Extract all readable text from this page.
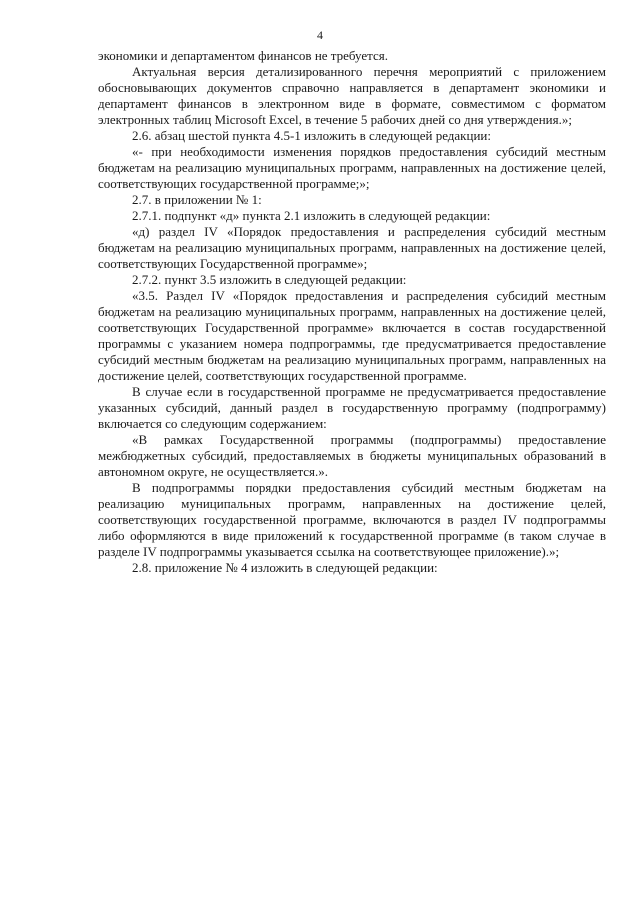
4

экономики и департаментом финансов не требуется.

Актуальная версия детализированного перечня мероприятий с приложением обосновывающих документов справочно направляется в департамент экономики и департамент финансов в электронном виде в формате, совместимом с форматом электронных таблиц Microsoft Excel, в течение 5 рабочих дней со дня утверждения.»;

2.6. абзац шестой пункта 4.5-1 изложить в следующей редакции:

«- при необходимости изменения порядков предоставления субсидий местным бюджетам на реализацию муниципальных программ, направленных на достижение целей, соответствующих государственной программе;»;

2.7. в приложении № 1:

2.7.1. подпункт «д» пункта 2.1 изложить в следующей редакции:

«д) раздел IV «Порядок предоставления и распределения субсидий местным бюджетам на реализацию муниципальных программ, направленных на достижение целей, соответствующих Государственной программе»;

2.7.2. пункт 3.5 изложить в следующей редакции:

«3.5. Раздел IV «Порядок предоставления и распределения субсидий местным бюджетам на реализацию муниципальных программ, направленных на достижение целей, соответствующих Государственной программе» включается в состав государственной программы с указанием номера подпрограммы, где предусматривается предоставление субсидий местным бюджетам на реализацию муниципальных программ, направленных на достижение целей, соответствующих государственной программе.

В случае если в государственной программе не предусматривается предоставление указанных субсидий, данный раздел в государственную программу (подпрограмму) включается со следующим содержанием:

«В рамках Государственной программы (подпрограммы) предоставление межбюджетных субсидий, предоставляемых в бюджеты муниципальных образований в автономном округе, не осуществляется.».

В подпрограммы порядки предоставления субсидий местным бюджетам на реализацию муниципальных программ, направленных на достижение целей, соответствующих государственной программе, включаются в раздел IV подпрограммы либо оформляются в виде приложений к государственной программе (в таком случае в разделе IV подпрограммы указывается ссылка на соответствующее приложение).»;

2.8. приложение № 4 изложить в следующей редакции:
